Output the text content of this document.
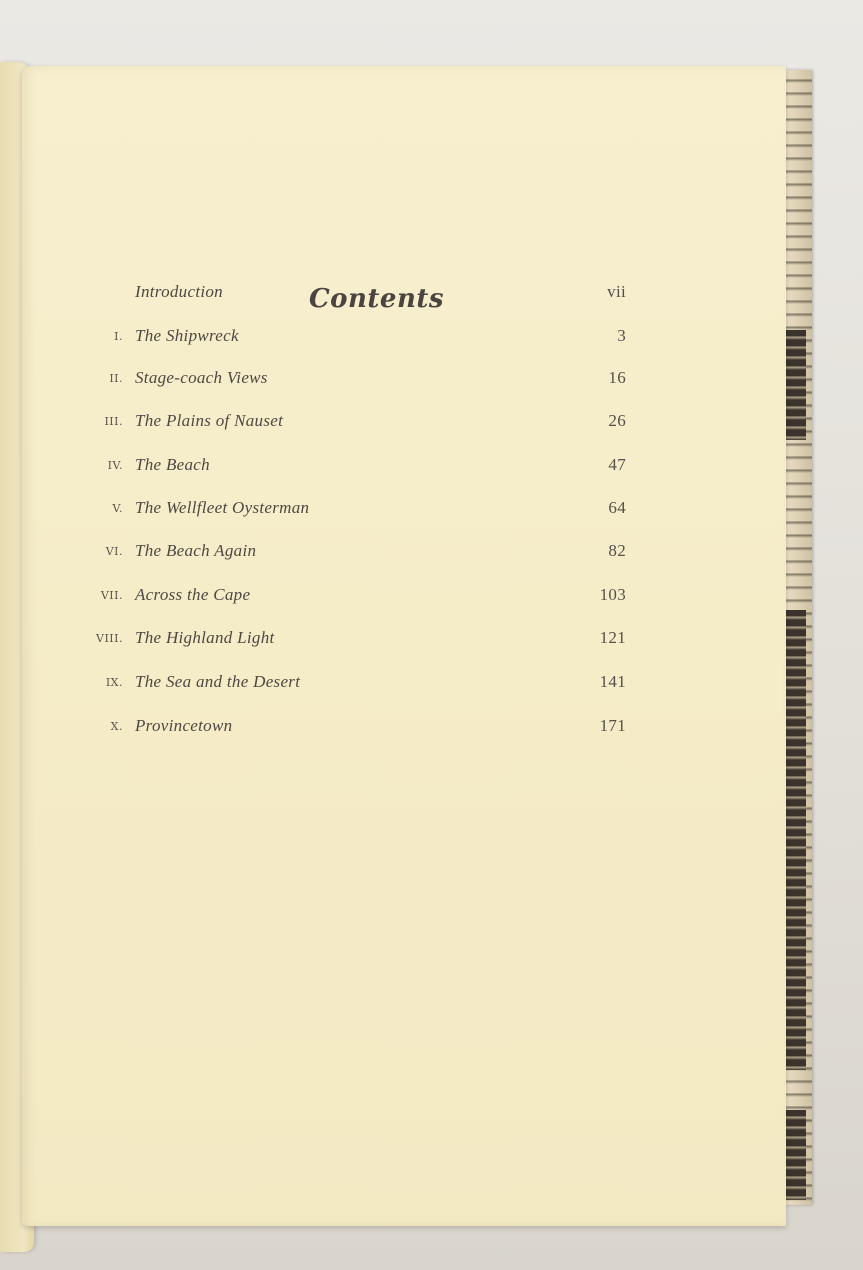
Contents
Introduction	vii
I. The Shipwreck	3
II. Stage-coach Views	16
III. The Plains of Nauset	26
IV. The Beach	47
V. The Wellfleet Oysterman	64
VI. The Beach Again	82
VII. Across the Cape	103
VIII. The Highland Light	121
IX. The Sea and the Desert	141
X. Provincetown	171
